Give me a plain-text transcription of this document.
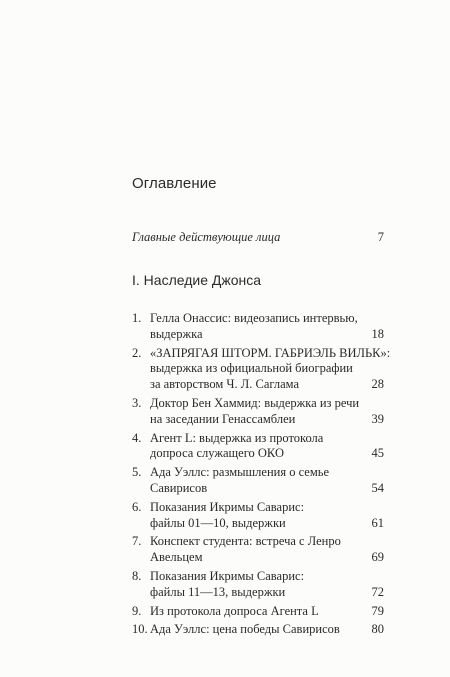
Оглавление
Главные действующие лица	7
I. Наследие Джонса
1. Гелла Онассис: видеозапись интервью,
выдержка	18
2. «ЗАПРЯГАЯ ШТОРМ. ГАБРИЭЛЬ ВИЛЬК»:
выдержка из официальной биографии
за авторством Ч. Л. Саглама	28
3. Доктор Бен Хаммид: выдержка из речи
на заседании Генассамблеи	39
4. Агент L: выдержка из протокола
допроса служащего ОКО	45
5. Ада Уэллс: размышления о семье
Савирисов	54
6. Показания Икримы Саварис:
файлы 01—10, выдержки	61
7. Конспект студента: встреча с Ленро
Авельцем	69
8. Показания Икримы Саварис:
файлы 11—13, выдержки	72
9. Из протокола допроса Агента L	79
10. Ада Уэллс: цена победы Савирисов	80
